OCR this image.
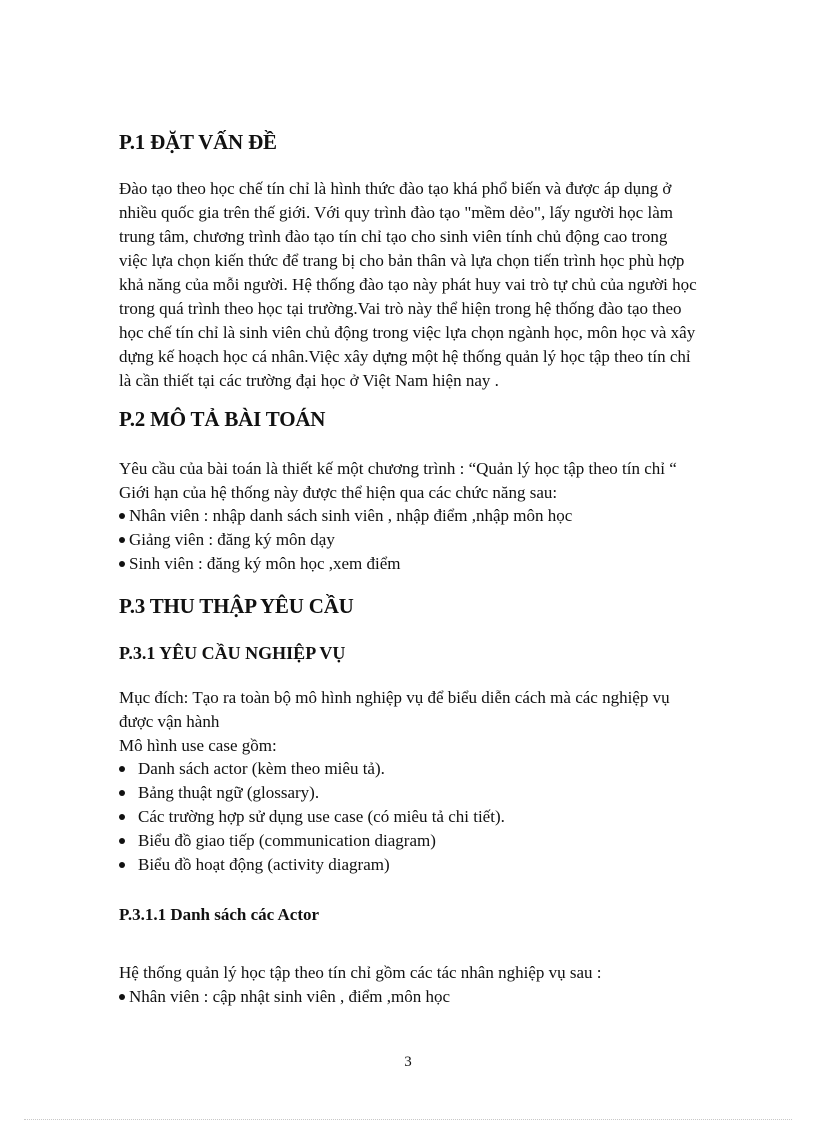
P.1 ĐẶT VẤN ĐỀ
Đào tạo theo học chế tín chỉ là hình thức đào tạo khá phổ biến và được áp dụng ở
nhiều quốc gia trên thế giới. Với quy trình đào tạo "mềm dẻo", lấy người học làm
trung tâm, chương trình đào tạo tín chỉ tạo cho sinh viên tính chủ động cao trong
việc lựa chọn kiến thức để trang bị cho bản thân và lựa chọn tiến trình học phù hợp
khả năng của mỗi người. Hệ thống đào tạo này phát huy vai trò tự chủ của người học
trong quá trình theo học tại trường.Vai trò này thể hiện trong hệ thống đào tạo theo
học chế tín chỉ là sinh viên chủ động trong việc lựa chọn ngành học, môn học và xây
dựng kế hoạch học cá nhân.Việc xây dựng một hệ thống quản lý học tập theo tín chỉ
là cần thiết tại các trường đại học ở Việt Nam hiện nay .
P.2 MÔ TẢ BÀI TOÁN
Yêu cầu của bài toán là thiết kế một chương trình : “Quản lý học tập theo tín chỉ “
Giới hạn của hệ thống này được thể hiện qua các chức năng sau:
Nhân viên : nhập danh sách sinh viên , nhập điểm ,nhập môn học
Giảng viên : đăng ký môn dạy
Sinh viên : đăng ký môn học ,xem điểm
P.3 THU THẬP YÊU CẦU
P.3.1 YÊU CẦU NGHIỆP VỤ
Mục đích: Tạo ra toàn bộ mô hình nghiệp vụ để biểu diễn cách mà các nghiệp vụ
được vận hành
Mô hình use case gồm:
Danh sách actor (kèm theo miêu tả).
Bảng thuật ngữ (glossary).
Các trường hợp sử dụng use case (có miêu tả chi tiết).
Biểu đồ giao tiếp (communication diagram)
Biểu đồ hoạt động (activity diagram)
P.3.1.1 Danh sách các Actor
Hệ thống quản lý học tập theo tín chỉ gồm các tác nhân nghiệp vụ sau :
Nhân viên : cập nhật sinh viên , điểm ,môn học
3
